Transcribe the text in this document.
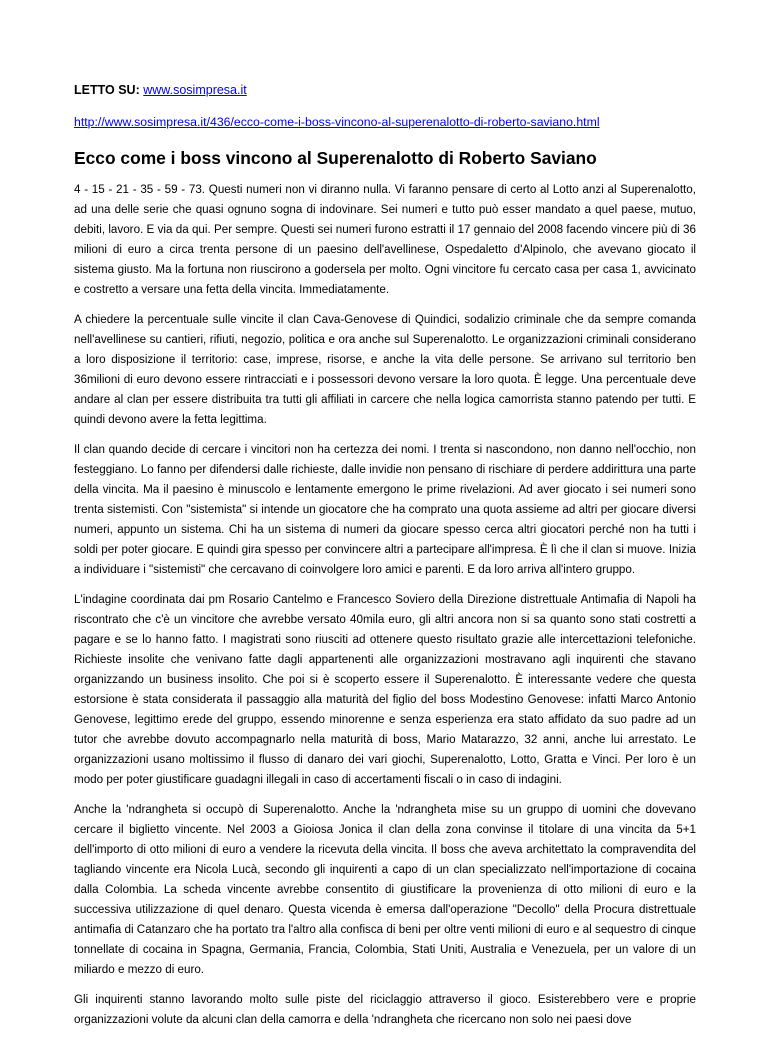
LETTO SU: www.sosimpresa.it
http://www.sosimpresa.it/436/ecco-come-i-boss-vincono-al-superenalotto-di-roberto-saviano.html
Ecco come i boss vincono al Superenalotto di Roberto Saviano

4 - 15 - 21 - 35 - 59 - 73. Questi numeri non vi diranno nulla. Vi faranno pensare di certo al Lotto anzi al Superenalotto, ad una delle serie che quasi ognuno sogna di indovinare. Sei numeri e tutto può esser mandato a quel paese, mutuo, debiti, lavoro. E via da qui. Per sempre. Questi sei numeri furono estratti il 17 gennaio del 2008 facendo vincere più di 36 milioni di euro a circa trenta persone di un paesino dell'avellinese, Ospedaletto d'Alpinolo, che avevano giocato il sistema giusto. Ma la fortuna non riuscirono a godersela per molto. Ogni vincitore fu cercato casa per casa 1, avvicinato e costretto a versare una fetta della vincita. Immediatamente.

A chiedere la percentuale sulle vincite il clan Cava-Genovese di Quindici, sodalizio criminale che da sempre comanda nell'avellinese su cantieri, rifiuti, negozio, politica e ora anche sul Superenalotto. Le organizzazioni criminali considerano a loro disposizione il territorio: case, imprese, risorse, e anche la vita delle persone. Se arrivano sul territorio ben 36milioni di euro devono essere rintracciati e i possessori devono versare la loro quota. È legge. Una percentuale deve andare al clan per essere distribuita tra tutti gli affiliati in carcere che nella logica camorrista stanno patendo per tutti. E quindi devono avere la fetta legittima.

Il clan quando decide di cercare i vincitori non ha certezza dei nomi. I trenta si nascondono, non danno nell'occhio, non festeggiano. Lo fanno per difendersi dalle richieste, dalle invidie non pensano di rischiare di perdere addirittura una parte della vincita. Ma il paesino è minuscolo e lentamente emergono le prime rivelazioni. Ad aver giocato i sei numeri sono trenta sistemisti. Con "sistemista" si intende un giocatore che ha comprato una quota assieme ad altri per giocare diversi numeri, appunto un sistema. Chi ha un sistema di numeri da giocare spesso cerca altri giocatori perché non ha tutti i soldi per poter giocare. E quindi gira spesso per convincere altri a partecipare all'impresa. È lì che il clan si muove. Inizia a individuare i "sistemisti" che cercavano di coinvolgere loro amici e parenti. E da loro arriva all'intero gruppo.

L'indagine coordinata dai pm Rosario Cantelmo e Francesco Soviero della Direzione distrettuale Antimafia di Napoli ha riscontrato che c'è un vincitore che avrebbe versato 40mila euro, gli altri ancora non si sa quanto sono stati costretti a pagare e se lo hanno fatto. I magistrati sono riusciti ad ottenere questo risultato grazie alle intercettazioni telefoniche. Richieste insolite che venivano fatte dagli appartenenti alle organizzazioni mostravano agli inquirenti che stavano organizzando un business insolito. Che poi si è scoperto essere il Superenalotto. È interessante vedere che questa estorsione è stata considerata il passaggio alla maturità del figlio del boss Modestino Genovese: infatti Marco Antonio Genovese, legittimo erede del gruppo, essendo minorenne e senza esperienza era stato affidato da suo padre ad un tutor che avrebbe dovuto accompagnarlo nella maturità di boss, Mario Matarazzo, 32 anni, anche lui arrestato. Le organizzazioni usano moltissimo il flusso di danaro dei vari giochi, Superenalotto, Lotto, Gratta e Vinci. Per loro è un modo per poter giustificare guadagni illegali in caso di accertamenti fiscali o in caso di indagini.

Anche la 'ndrangheta si occupò di Superenalotto. Anche la 'ndrangheta mise su un gruppo di uomini che dovevano cercare il biglietto vincente. Nel 2003 a Gioiosa Jonica il clan della zona convinse il titolare di una vincita da 5+1 dell'importo di otto milioni di euro a vendere la ricevuta della vincita. Il boss che aveva architettato la compravendita del tagliando vincente era Nicola Lucà, secondo gli inquirenti a capo di un clan specializzato nell'importazione di cocaina dalla Colombia. La scheda vincente avrebbe consentito di giustificare la provenienza di otto milioni di euro e la successiva utilizzazione di quel denaro. Questa vicenda è emersa dall'operazione "Decollo" della Procura distrettuale antimafia di Catanzaro che ha portato tra l'altro alla confisca di beni per oltre venti milioni di euro e al sequestro di cinque tonnellate di cocaina in Spagna, Germania, Francia, Colombia, Stati Uniti, Australia e Venezuela, per un valore di un miliardo e mezzo di euro.

Gli inquirenti stanno lavorando molto sulle piste del riciclaggio attraverso il gioco. Esisterebbero vere e proprie organizzazioni volute da alcuni clan della camorra e della 'ndrangheta che ricercano non solo nei paesi dove
